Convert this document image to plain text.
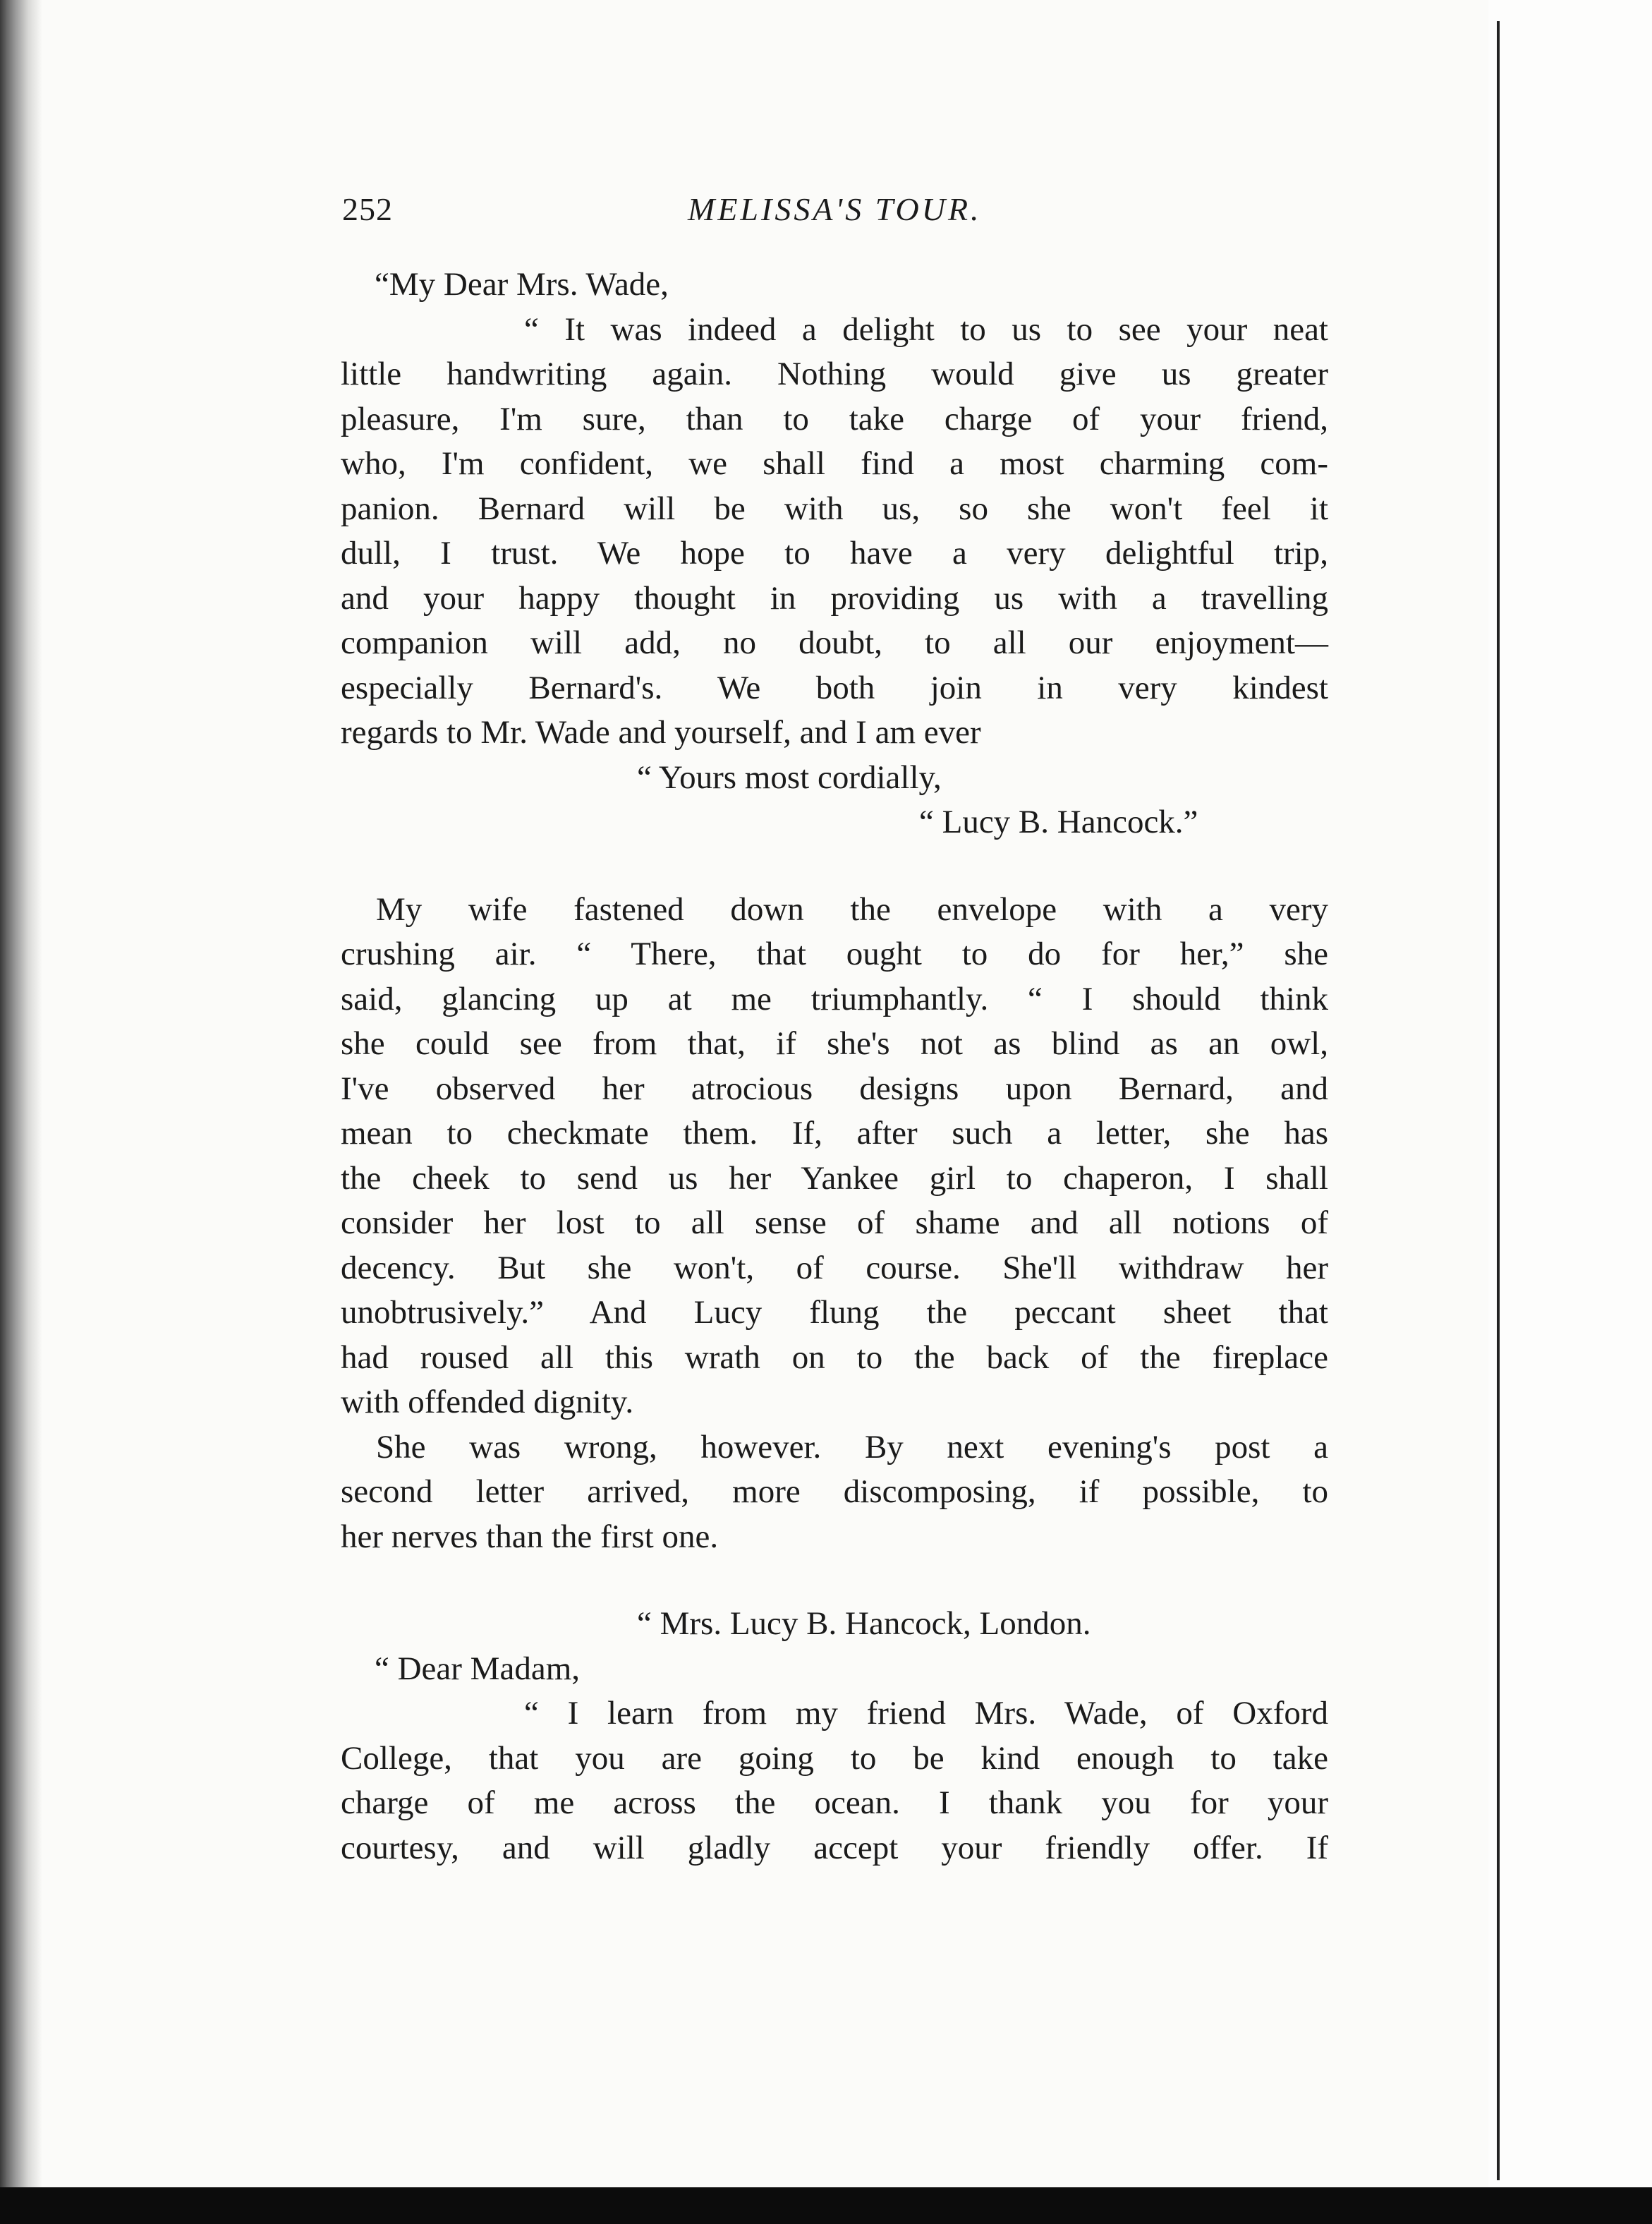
252	MELISSA'S TOUR.
“My Dear Mrs. Wade,
“ It was indeed a delight to us to see your neat
little handwriting again. Nothing would give us greater
pleasure, I'm sure, than to take charge of your friend,
who, I'm confident, we shall find a most charming com-
panion. Bernard will be with us, so she won't feel it
dull, I trust. We hope to have a very delightful trip,
and your happy thought in providing us with a travelling
companion will add, no doubt, to all our enjoyment—
especially Bernard's. We both join in very kindest
regards to Mr. Wade and yourself, and I am ever
“ Yours most cordially,
“ Lucy B. Hancock.”
My wife fastened down the envelope with a very
crushing air. “ There, that ought to do for her,” she
said, glancing up at me triumphantly. “ I should think
she could see from that, if she's not as blind as an owl,
I've observed her atrocious designs upon Bernard, and
mean to checkmate them. If, after such a letter, she has
the cheek to send us her Yankee girl to chaperon, I shall
consider her lost to all sense of shame and all notions of
decency. But she won't, of course. She'll withdraw her
unobtrusively.” And Lucy flung the peccant sheet that
had roused all this wrath on to the back of the fireplace
with offended dignity.
She was wrong, however. By next evening's post a
second letter arrived, more discomposing, if possible, to
her nerves than the first one.
“ Mrs. Lucy B. Hancock, London.
“ Dear Madam,
“ I learn from my friend Mrs. Wade, of Oxford
College, that you are going to be kind enough to take
charge of me across the ocean. I thank you for your
courtesy, and will gladly accept your friendly offer. If
